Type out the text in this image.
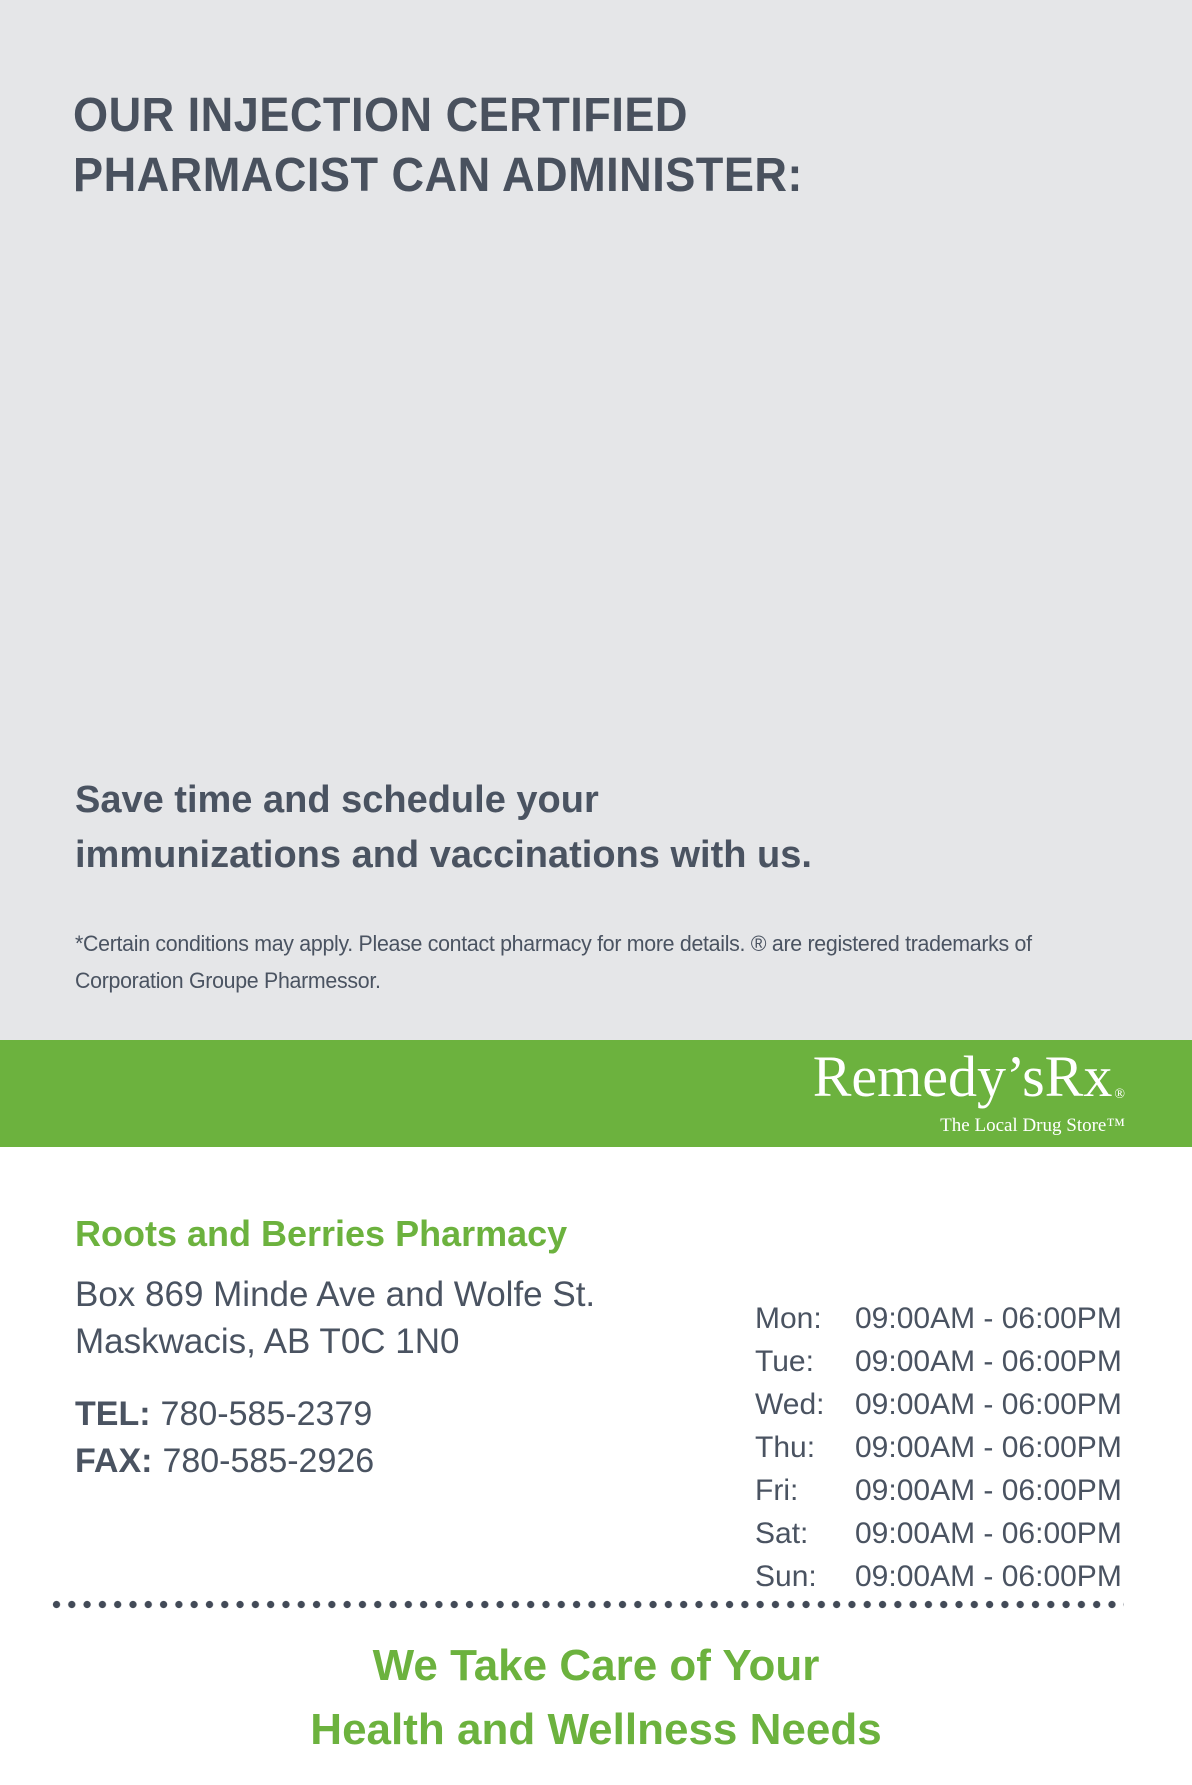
OUR INJECTION CERTIFIED
PHARMACIST CAN ADMINISTER:
Save time and schedule your
immunizations and vaccinations with us.
*Certain conditions may apply. Please contact pharmacy for more details. ® are registered trademarks of
Corporation Groupe Pharmessor.
Remedy’sRx ®
The Local Drug Store™
Roots and Berries Pharmacy
Box 869 Minde Ave and Wolfe St.
Maskwacis, AB T0C 1N0
TEL: 780-585-2379
FAX: 780-585-2926
Mon:	09:00AM - 06:00PM
Tue:	09:00AM - 06:00PM
Wed:	09:00AM - 06:00PM
Thu:	09:00AM - 06:00PM
Fri:	09:00AM - 06:00PM
Sat:	09:00AM - 06:00PM
Sun:	09:00AM - 06:00PM
We Take Care of Your
Health and Wellness Needs
